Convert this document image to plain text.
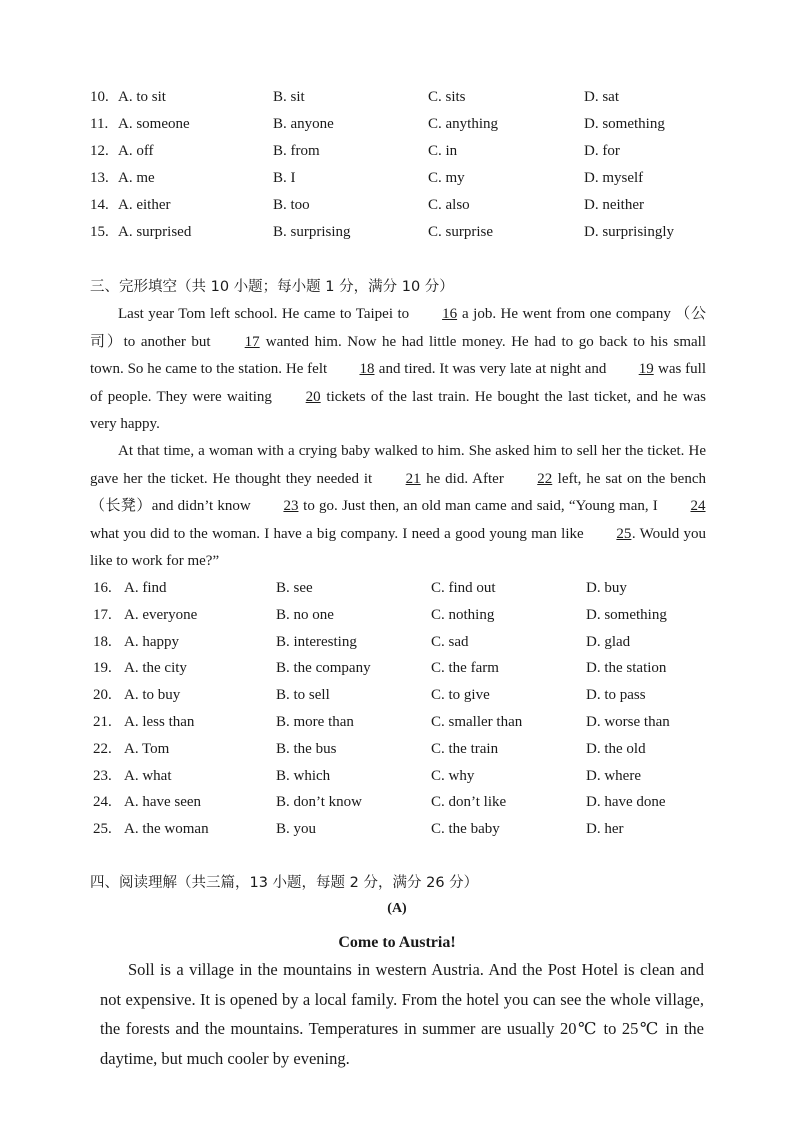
10. A. to sit	B. sit	C. sits	D. sat
11. A. someone	B. anyone	C. anything	D. something
12. A. off	B. from	C. in	D. for
13. A. me	B. I	C. my	D. myself
14. A. either	B. too	C. also	D. neither
15. A. surprised	B. surprising	C. surprise	D. surprisingly
三、完形填空（共 10 小题；每小题 1 分，满分 10 分）

Last year Tom left school. He came to Taipei to 16 a job. He went from one company （公司）to another but 17 wanted him. Now he had little money. He had to go back to his small town. So he came to the station. He felt 18 and tired. It was very late at night and 19 was full of people. They were waiting 20 tickets of the last train. He bought the last ticket, and he was very happy.

At that time, a woman with a crying baby walked to him. She asked him to sell her the ticket. He gave her the ticket. He thought they needed it 21 he did. After 22 left, he sat on the bench（长凳）and didn’t know 23 to go. Just then, an old man came and said, “Young man, I 24 what you did to the woman. I have a big company. I need a good young man like 25. Would you like to work for me?”

16. A. find	B. see	C. find out	D. buy
17. A. everyone	B. no one	C. nothing	D. something
18. A. happy	B. interesting	C. sad	D. glad
19. A. the city	B. the company	C. the farm	D. the station
20. A. to buy	B. to sell	C. to give	D. to pass
21. A. less than	B. more than	C. smaller than	D. worse than
22. A. Tom	B. the bus	C. the train	D. the old
23. A. what	B. which	C. why	D. where
24. A. have seen	B. don’t know	C. don’t like	D. have done
25. A. the woman	B. you	C. the baby	D. her
四、阅读理解（共三篇，13 小题，每题 2 分，满分 26 分）
(A)
Come to Austria!

Soll is a village in the mountains in western Austria. And the Post Hotel is clean and not expensive. It is opened by a local family. From the hotel you can see the whole village, the forests and the mountains. Temperatures in summer are usually 20℃ to 25℃ in the daytime, but much cooler by evening.
